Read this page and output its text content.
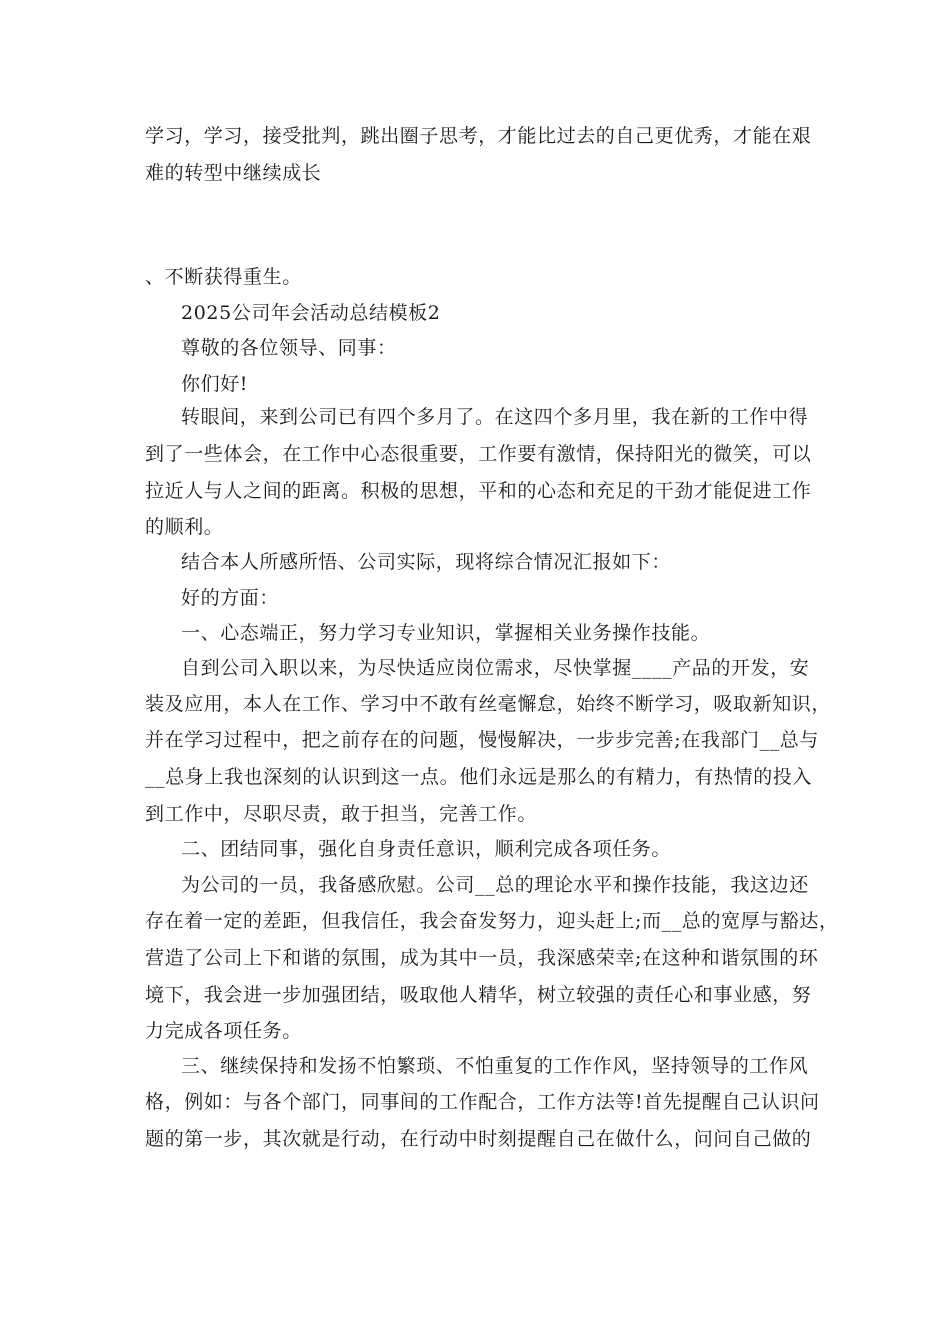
学习，学习，接受批判，跳出圈子思考，才能比过去的自己更优秀，才能在艰
难的转型中继续成长
、不断获得重生。
2025公司年会活动总结模板2
尊敬的各位领导、同事：
你们好!
转眼间，来到公司已有四个多月了。在这四个多月里，我在新的工作中得
到了一些体会，在工作中心态很重要，工作要有激情，保持阳光的微笑，可以
拉近人与人之间的距离。积极的思想，平和的心态和充足的干劲才能促进工作
的顺利。
结合本人所感所悟、公司实际，现将综合情况汇报如下：
好的方面：
一、心态端正，努力学习专业知识，掌握相关业务操作技能。
自到公司入职以来，为尽快适应岗位需求，尽快掌握____产品的开发，安
装及应用，本人在工作、学习中不敢有丝毫懈怠，始终不断学习，吸取新知识，
并在学习过程中，把之前存在的问题，慢慢解决，一步步完善;在我部门__总与
__总身上我也深刻的认识到这一点。他们永远是那么的有精力，有热情的投入
到工作中，尽职尽责，敢于担当，完善工作。
二、团结同事，强化自身责任意识，顺利完成各项任务。
为公司的一员，我备感欣慰。公司__总的理论水平和操作技能，我这边还
存在着一定的差距，但我信任，我会奋发努力，迎头赶上;而__总的宽厚与豁达，
营造了公司上下和谐的氛围，成为其中一员，我深感荣幸;在这种和谐氛围的环
境下，我会进一步加强团结，吸取他人精华，树立较强的责任心和事业感，努
力完成各项任务。
三、继续保持和发扬不怕繁琐、不怕重复的工作作风，坚持领导的工作风
格，例如：与各个部门，同事间的工作配合，工作方法等!首先提醒自己认识问
题的第一步，其次就是行动，在行动中时刻提醒自己在做什么，问问自己做的
